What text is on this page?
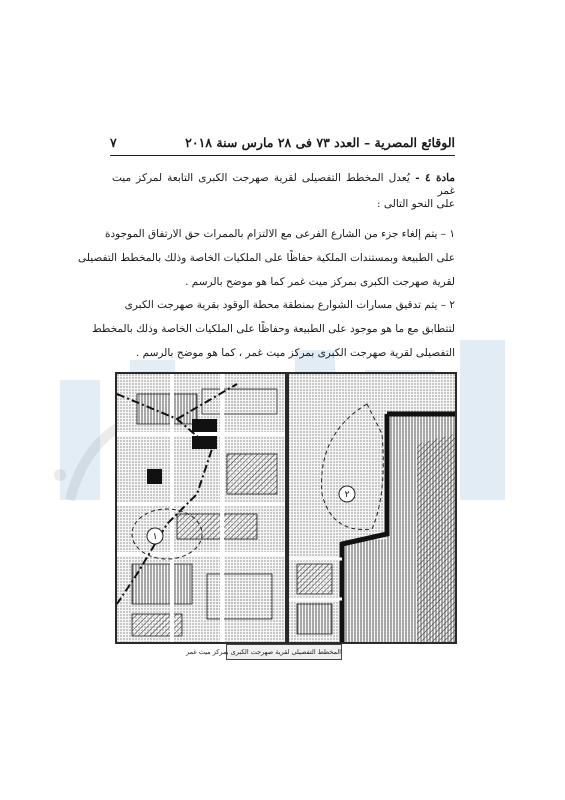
الوقائع المصرية – العدد ٧٣ فى ٢٨ مارس سنة ٢٠١٨
٧
مادة ٤ - يُعدل المخطط التفصيلى لقرية صهرجت الكبرى التابعة لمركز ميت غمر
على النحو التالى :
١ – يتم إلغاء جزء من الشارع الفرعى مع الالتزام بالممرات حق الارتفاق الموجودة
على الطبيعة وبمستندات الملكية حفاظًا على الملكيات الخاصة وذلك بالمخطط التفصيلى
لقرية صهرجت الكبرى بمركز ميت غمر كما هو موضح بالرسم .
٢ – يتم تدقيق مسارات الشوارع بمنطقة محطة الوقود بقرية صهرجت الكبرى
لتتطابق مع ما هو موجود على الطبيعة وحفاظًا على الملكيات الخاصة وذلك بالمخطط
التفصيلى لقرية صهرجت الكبرى بمركز ميت غمر ، كما هو موضح بالرسم .
١
٢
المخطط التفصيلى لقرية صهرجت الكبرى بمركز ميت غمر
